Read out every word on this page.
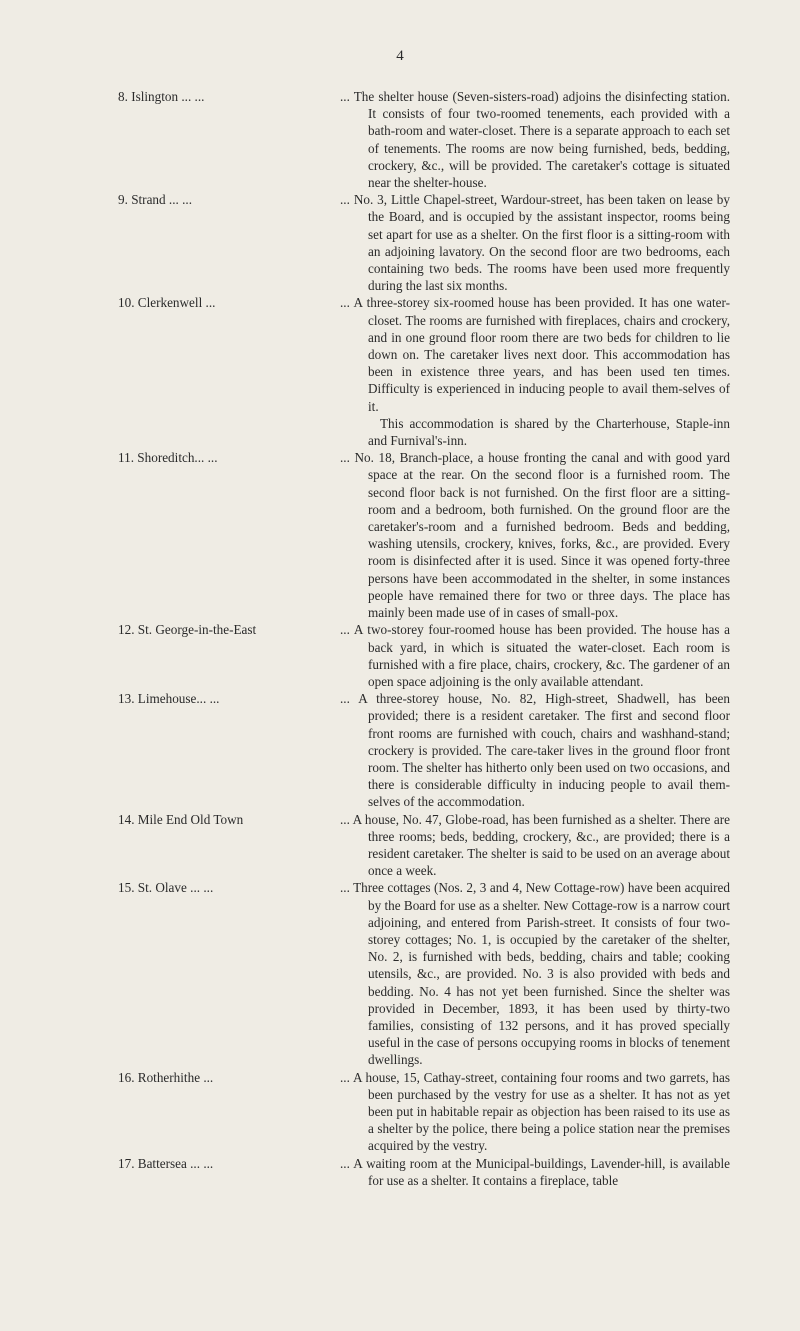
4
8. Islington ... ...	... The shelter house (Seven-sisters-road) adjoins the disinfecting station. It consists of four two-roomed tenements, each provided with a bath-room and water-closet. There is a separate approach to each set of tenements. The rooms are now being furnished, beds, bedding, crockery, &c., will be provided. The caretaker's cottage is situated near the shelter-house.

9. Strand ... ...	... No. 3, Little Chapel-street, Wardour-street, has been taken on lease by the Board, and is occupied by the assistant inspector, rooms being set apart for use as a shelter. On the first floor is a sitting-room with an adjoining lavatory. On the second floor are two bedrooms, each containing two beds. The rooms have been used more frequently during the last six months.

10. Clerkenwell ...	... A three-storey six-roomed house has been provided. It has one water-closet. The rooms are furnished with fireplaces, chairs and crockery, and in one ground floor room there are two beds for children to lie down on. The caretaker lives next door. This accommodation has been in existence three years, and has been used ten times. Difficulty is experienced in inducing people to avail them-selves of it.

This accommodation is shared by the Charterhouse, Staple-inn and Furnival's-inn.

11. Shoreditch... ...	... No. 18, Branch-place, a house fronting the canal and with good yard space at the rear. On the second floor is a furnished room. The second floor back is not furnished. On the first floor are a sitting-room and a bedroom, both furnished. On the ground floor are the caretaker's-room and a furnished bedroom. Beds and bedding, washing utensils, crockery, knives, forks, &c., are provided. Every room is disinfected after it is used. Since it was opened forty-three persons have been accommodated in the shelter, in some instances people have remained there for two or three days. The place has mainly been made use of in cases of small-pox.

12. St. George-in-the-East	... A two-storey four-roomed house has been provided. The house has a back yard, in which is situated the water-closet. Each room is furnished with a fire place, chairs, crockery, &c. The gardener of an open space adjoining is the only available attendant.

13. Limehouse... ...	... A three-storey house, No. 82, High-street, Shadwell, has been provided; there is a resident caretaker. The first and second floor front rooms are furnished with couch, chairs and washhand-stand; crockery is provided. The care-taker lives in the ground floor front room. The shelter has hitherto only been used on two occasions, and there is considerable difficulty in inducing people to avail them-selves of the accommodation.

14. Mile End Old Town	... A house, No. 47, Globe-road, has been furnished as a shelter. There are three rooms; beds, bedding, crockery, &c., are provided; there is a resident caretaker. The shelter is said to be used on an average about once a week.

15. St. Olave ... ...	... Three cottages (Nos. 2, 3 and 4, New Cottage-row) have been acquired by the Board for use as a shelter. New Cottage-row is a narrow court adjoining, and entered from Parish-street. It consists of four two-storey cottages; No. 1, is occupied by the caretaker of the shelter, No. 2, is furnished with beds, bedding, chairs and table; cooking utensils, &c., are provided. No. 3 is also provided with beds and bedding. No. 4 has not yet been furnished. Since the shelter was provided in December, 1893, it has been used by thirty-two families, consisting of 132 persons, and it has proved specially useful in the case of persons occupying rooms in blocks of tenement dwellings.

16. Rotherhithe ...	... A house, 15, Cathay-street, containing four rooms and two garrets, has been purchased by the vestry for use as a shelter. It has not as yet been put in habitable repair as objection has been raised to its use as a shelter by the police, there being a police station near the premises acquired by the vestry.

17. Battersea ... ...	... A waiting room at the Municipal-buildings, Lavender-hill, is available for use as a shelter. It contains a fireplace, table
